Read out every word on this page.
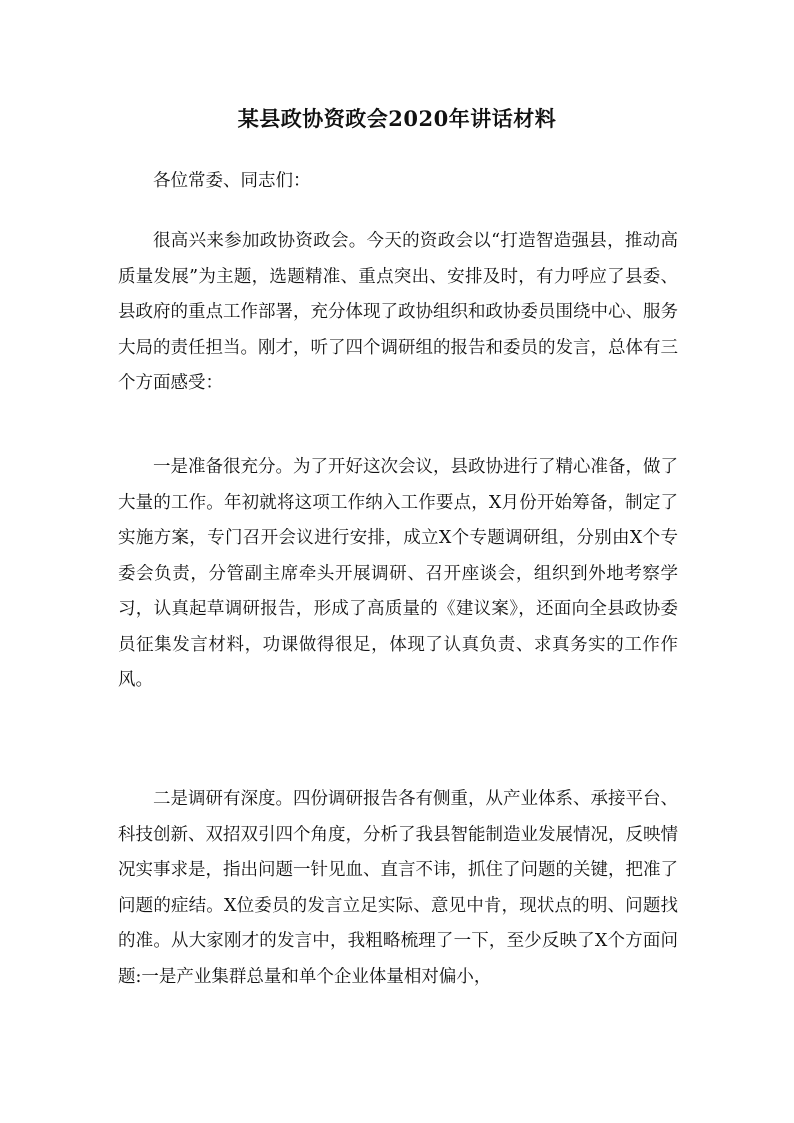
某县政协资政会2020年讲话材料

各位常委、同志们：

很高兴来参加政协资政会。今天的资政会以“打造智造强县，推动高质量发展”为主题，选题精准、重点突出、安排及时，有力呼应了县委、县政府的重点工作部署，充分体现了政协组织和政协委员围绕中心、服务大局的责任担当。刚才，听了四个调研组的报告和委员的发言，总体有三个方面感受：

一是准备很充分。为了开好这次会议，县政协进行了精心准备，做了大量的工作。年初就将这项工作纳入工作要点，X月份开始筹备，制定了实施方案，专门召开会议进行安排，成立X个专题调研组，分别由X个专委会负责，分管副主席牵头开展调研、召开座谈会，组织到外地考察学习，认真起草调研报告，形成了高质量的《建议案》，还面向全县政协委员征集发言材料，功课做得很足，体现了认真负责、求真务实的工作作风。

二是调研有深度。四份调研报告各有侧重，从产业体系、承接平台、科技创新、双招双引四个角度，分析了我县智能制造业发展情况，反映情况实事求是，指出问题一针见血、直言不讳，抓住了问题的关键，把准了问题的症结。X位委员的发言立足实际、意见中肯，现状点的明、问题找的准。从大家刚才的发言中，我粗略梳理了一下，至少反映了X个方面问题:一是产业集群总量和单个企业体量相对偏小，
